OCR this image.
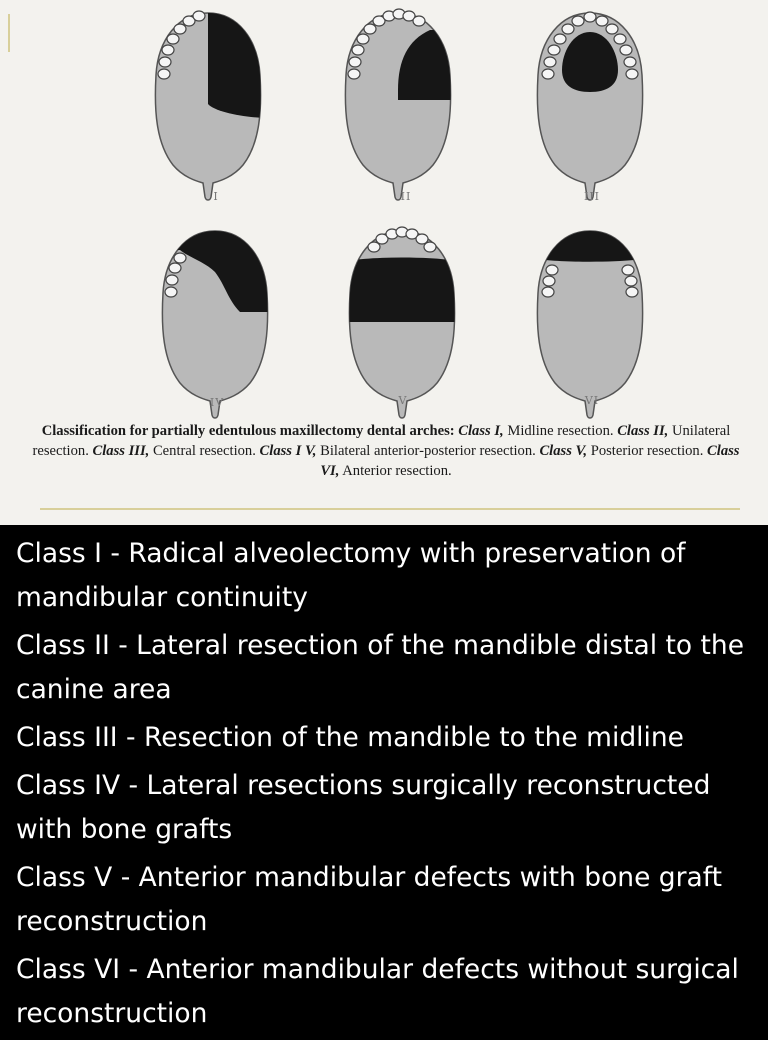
I	II	III
IV	V	VI
Classification for partially edentulous maxillectomy dental arches: Class I, Midline resection. Class II, Unilateral resection. Class III, Central resection. Class I V, Bilateral anterior-posterior resection. Class V, Posterior resection. Class VI, Anterior resection.
Class I - Radical alveolectomy with preservation of mandibular continuity
Class II - Lateral resection of the mandible distal to the canine area
Class III - Resection of the mandible to the midline
Class IV - Lateral resections surgically reconstructed with bone grafts
Class V - Anterior mandibular defects with bone graft reconstruction
Class VI - Anterior mandibular defects without surgical reconstruction
